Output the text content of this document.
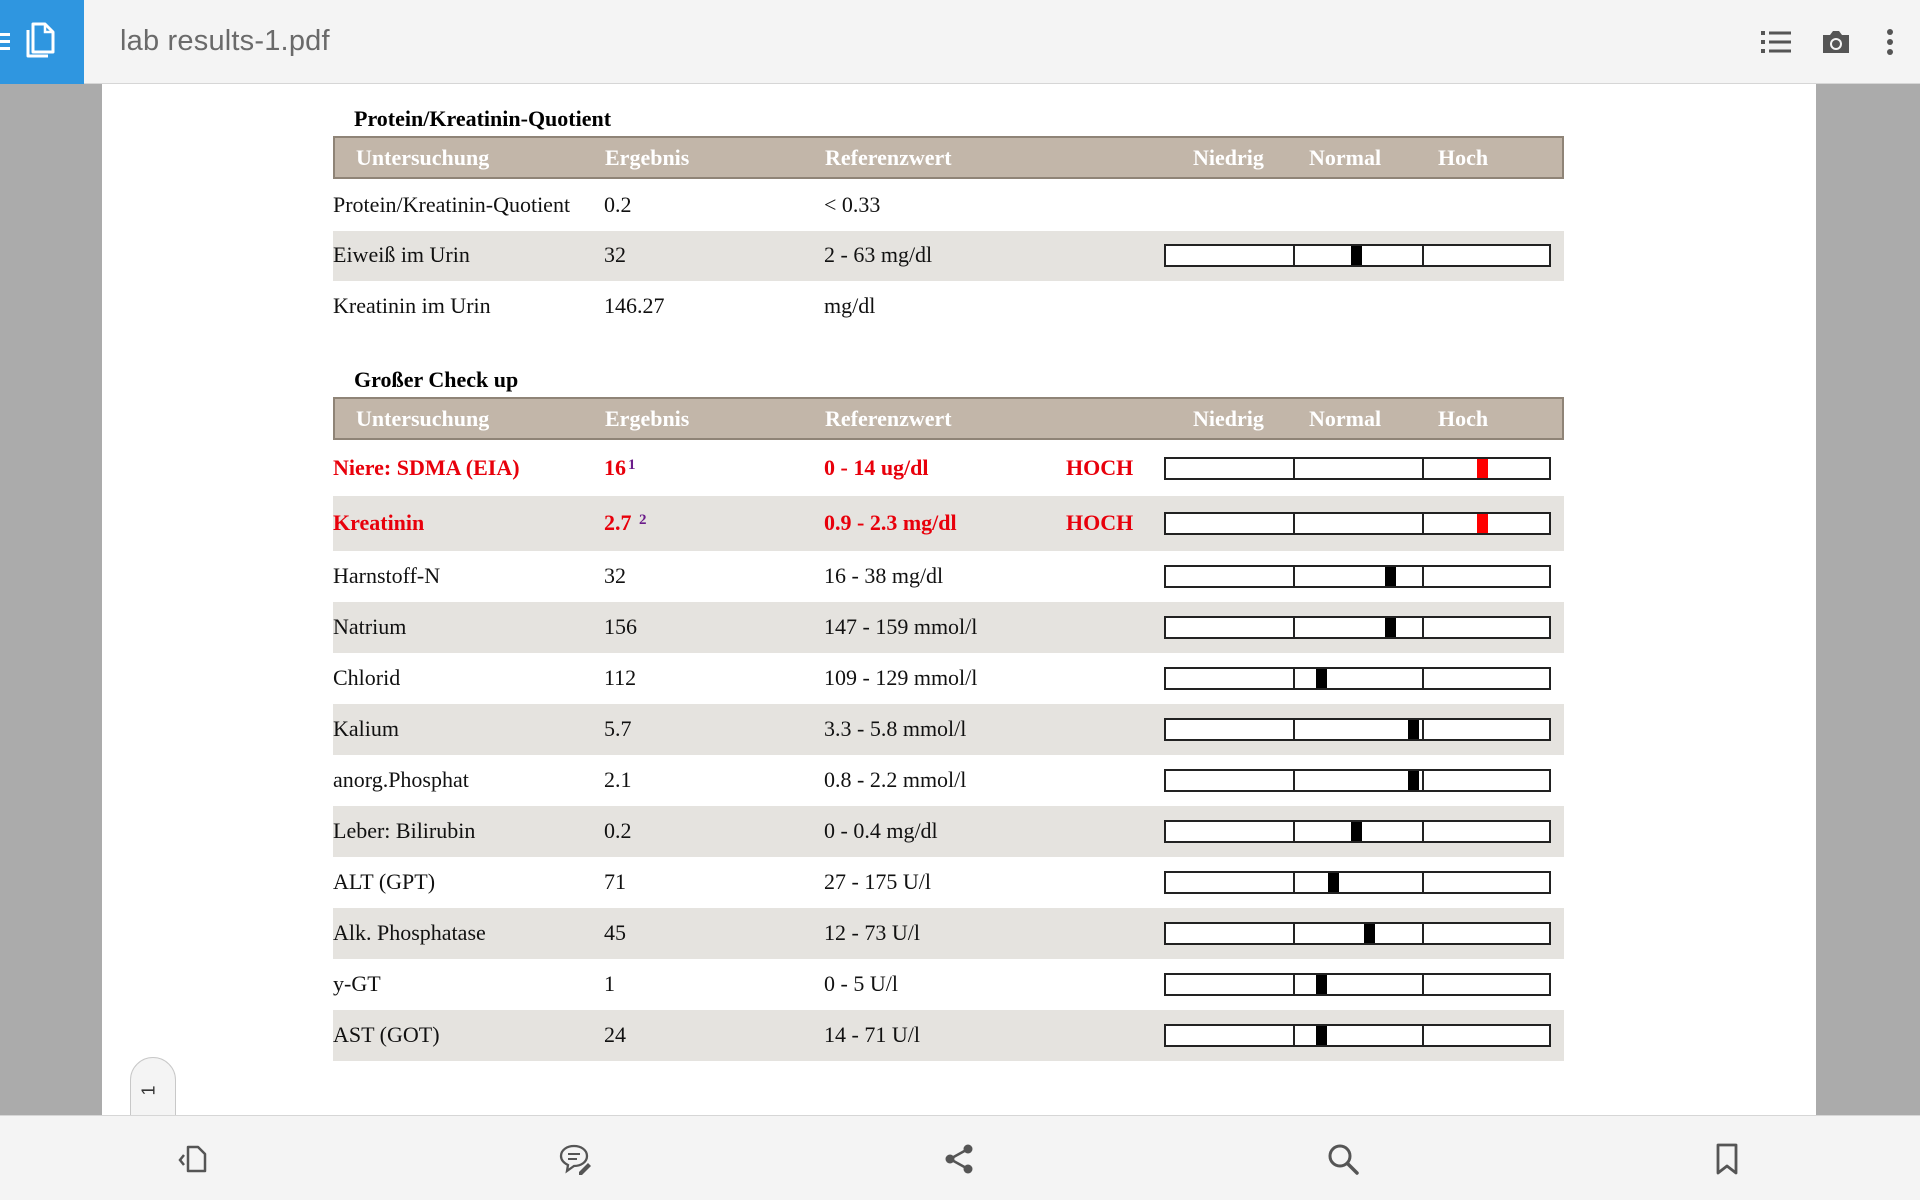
lab results-1.pdf
Protein/Kreatinin-Quotient
Untersuchung	Ergebnis	Referenzwert	Niedrig Normal	Hoch
Protein/Kreatinin-Quotient 0.2	< 0.33
Eiweiß im Urin	32	2 - 63 mg/dl
Kreatinin im Urin	146.27	mg/dl
Großer Check up
Untersuchung	Ergebnis	Referenzwert	Niedrig Normal	Hoch
Niere: SDMA (EIA)	16	0 - 14 ug/dl	HOCH
1
Kreatinin	2.7	0.9 - 2.3 mg/dl	HOCH
2
Harnstoff-N	32	16 - 38 mg/dl
Natrium	156	147 - 159 mmol/l
Chlorid	112	109 - 129 mmol/l
Kalium	5.7	3.3 - 5.8 mmol/l
anorg.Phosphat	2.1	0.8 - 2.2 mmol/l
Leber: Bilirubin	0.2	0 - 0.4 mg/dl
ALT (GPT)	71	27 - 175 U/l
Alk. Phosphatase	45	12 - 73 U/l
y-GT	1	0 - 5 U/l
AST (GOT)	24	14 - 71 U/l
1
